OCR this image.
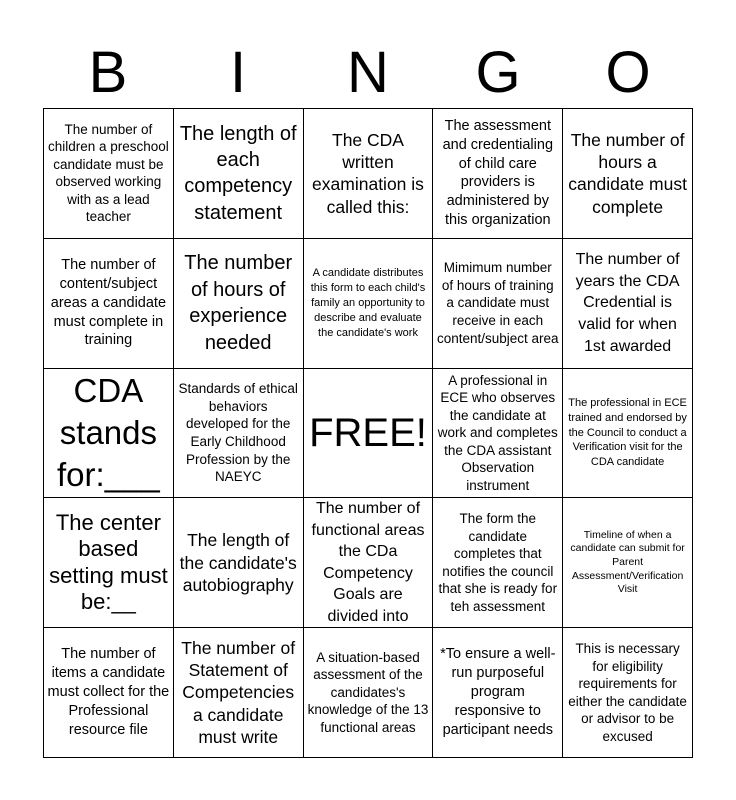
B	I	N	G	O
The number of children a preschool candidate must be observed working with as a lead teacher
The length of each competency statement
The CDA written examination is called this:
The assessment and credentialing of child care providers is administered by this organization
The number of hours a candidate must complete
The number of content/subject areas a candidate must complete in training
The number of hours of experience needed
A candidate distributes this form to each child's family an opportunity to describe and evaluate the candidate's work
Mimimum number of hours of training a candidate must receive in each content/subject area
The number of years the CDA Credential is valid for when 1st awarded
CDA stands for:___
Standards of ethical behaviors developed for the Early Childhood Profession by the NAEYC
FREE!
A professional in ECE who observes the candidate at work and completes the CDA assistant Observation instrument
The professional in ECE trained and endorsed by the Council to conduct a Verification visit for the CDA candidate
The center based setting must be:__
The length of the candidate's autobiography
The number of functional areas the CDa Competency Goals are divided into
The form the candidate completes that notifies the council that she is ready for teh assessment
Timeline of when a candidate can submit for Parent Assessment/Verification Visit
The number of items a candidate must collect for the Professional resource file
The number of Statement of Competencies a candidate must write
A situation-based assessment of the candidates's knowledge of the 13 functional areas
*To ensure a well-run purposeful program responsive to participant needs
This is necessary for eligibility requirements for either the candidate or advisor to be excused
